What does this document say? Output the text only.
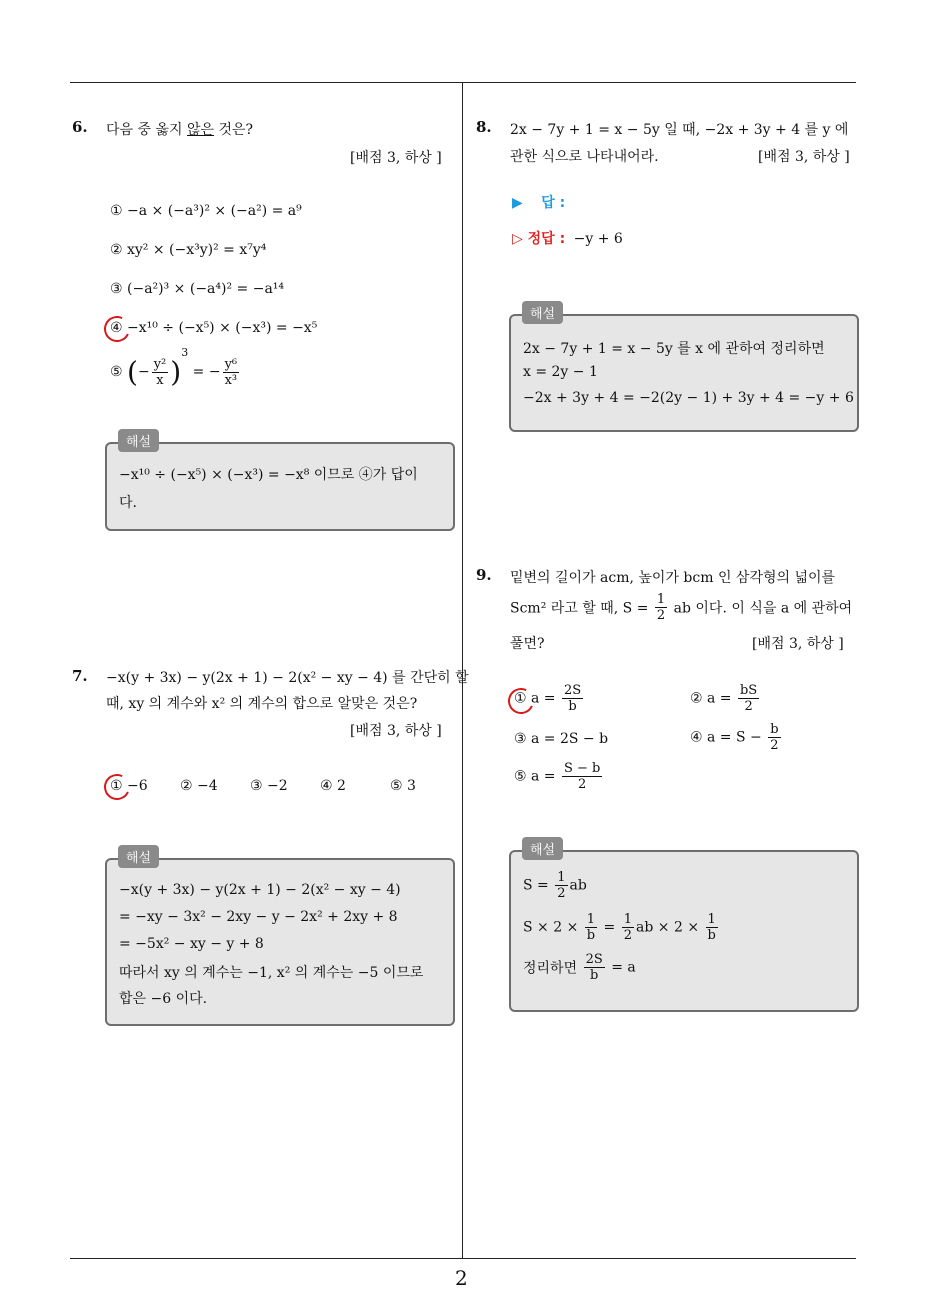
2
6. 다음 중 옳지 않은 것은?
[배점 3, 하상 ]
① −a × (−a³)² × (−a²) = a⁹
② xy² × (−x³y)² = x⁷y⁴
③ (−a²)³ × (−a⁴)² = −a¹⁴
④ −x¹⁰ ÷ (−x⁵) × (−x³) = −x⁵
⑤ (− $\frac{\text{y²}}{x} )^3$ = − $\frac{\text{y⁶}}{\text{x³}}$
−x¹⁰ ÷ (−x⁵) × (−x³) = −x⁸ 이므로 ④가 답이
다.
해설
7. −x(y + 3x) − y(2x + 1) − 2(x² − xy − 4) 를 간단히 할
때, xy 의 계수와 x² 의 계수의 합으로 알맞은 것은?
[배점 3, 하상 ]
① −6 ② −4 ③ −2 ④ 2	⑤ 3
−x(y + 3x) − y(2x + 1) − 2(x² − xy − 4)
= −xy − 3x² − 2xy − y − 2x² + 2xy + 8
= −5x² − xy − y + 8
따라서 xy 의 계수는 −1, x² 의 계수는 −5 이므로
합은 −6 이다.
해설
8. 2x − 7y + 1 = x − 5y 일 때, −2x + 3y + 4 를 y 에
관한 식으로 나타내어라.	[배점 3, 하상 ]
▶ 답 :
▷ 정답 : −y + 6
2x − 7y + 1 = x − 5y 를 x 에 관하여 정리하면
x = 2y − 1
−2x + 3y + 4 = −2(2y − 1) + 3y + 4 = −y + 6
해설
9. 밑변의 길이가 acm, 높이가 bcm 인 삼각형의 넓이를
Scm² 라고 할 때, $S = \frac{1}{2}$ ab 이다. 이 식을 a 에 관하여
풀면?	[배점 3, 하상 ]
① $a = \frac{2S}{b}$	② $a = \frac{bS}{2}$
③ a = 2S − b	④ $a = S - \frac{b}{2}$
⑤ $a = \frac{S - b}{2}$
$S = \frac{1}{2}$ ab
$S \times 2 \times \frac{1}{b} = \frac{1}{2}$ ab × $2 \times \frac{1}{b}$
정리하면 $\frac{2S}{b} = a$
해설
